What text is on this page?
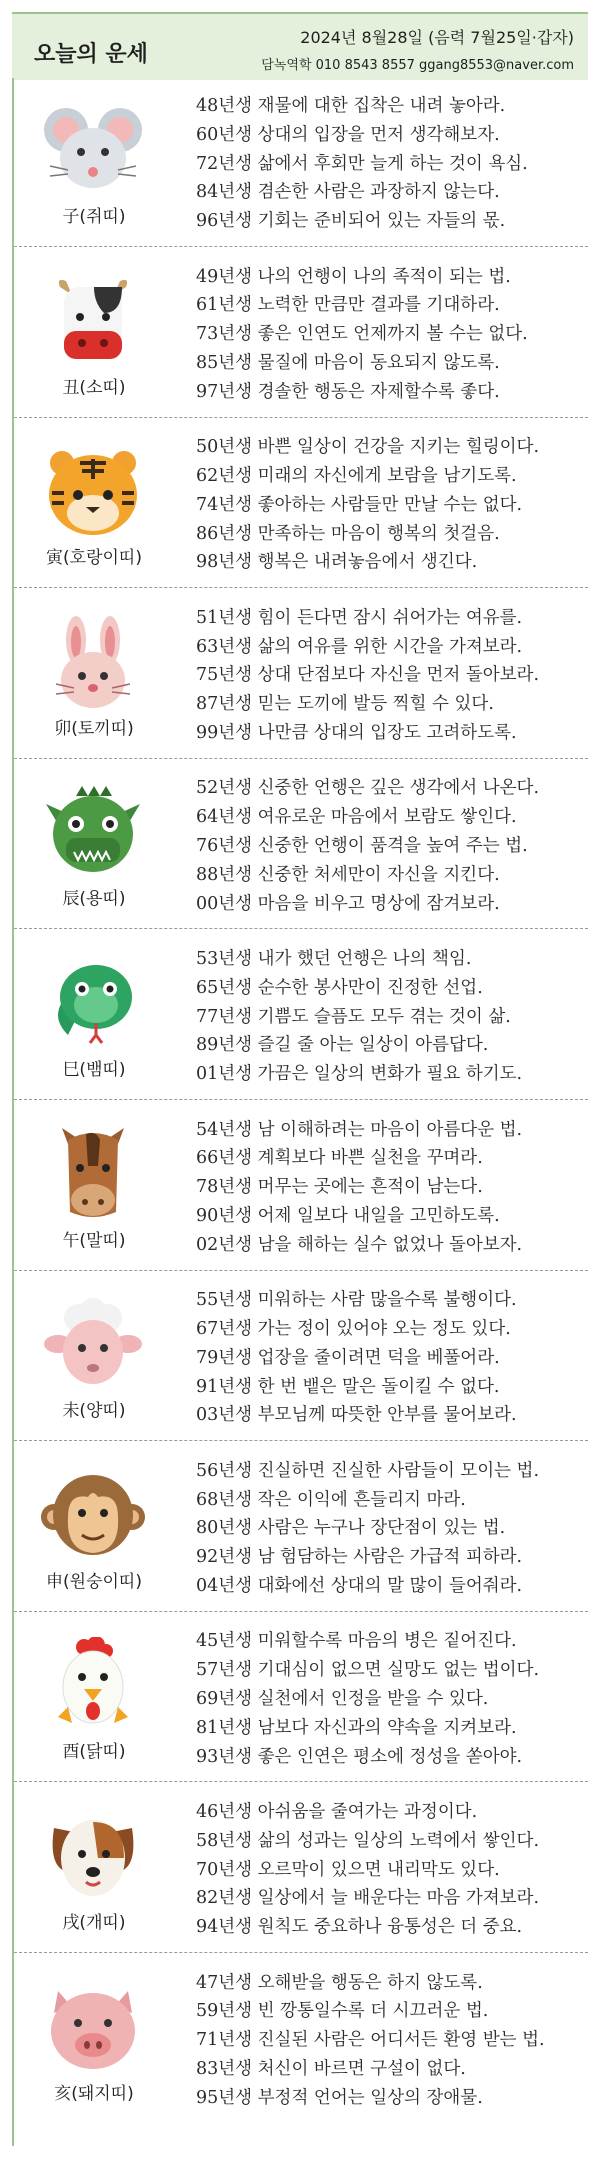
오늘의 운세
2024년 8월28일 (음력 7월25일·갑자)
담녹역학 010 8543 8557 ggang8553@naver.com
子(쥐띠)
48년생 재물에 대한 집착은 내려 놓아라.
60년생 상대의 입장을 먼저 생각해보자.
72년생 삶에서 후회만 늘게 하는 것이 욕심.
84년생 겸손한 사람은 과장하지 않는다.
96년생 기회는 준비되어 있는 자들의 몫.
丑(소띠)
49년생 나의 언행이 나의 족적이 되는 법.
61년생 노력한 만큼만 결과를 기대하라.
73년생 좋은 인연도 언제까지 볼 수는 없다.
85년생 물질에 마음이 동요되지 않도록.
97년생 경솔한 행동은 자제할수록 좋다.
寅(호랑이띠)
50년생 바쁜 일상이 건강을 지키는 힐링이다.
62년생 미래의 자신에게 보람을 남기도록.
74년생 좋아하는 사람들만 만날 수는 없다.
86년생 만족하는 마음이 행복의 첫걸음.
98년생 행복은 내려놓음에서 생긴다.
卯(토끼띠)
51년생 힘이 든다면 잠시 쉬어가는 여유를.
63년생 삶의 여유를 위한 시간을 가져보라.
75년생 상대 단점보다 자신을 먼저 돌아보라.
87년생 믿는 도끼에 발등 찍힐 수 있다.
99년생 나만큼 상대의 입장도 고려하도록.
辰(용띠)
52년생 신중한 언행은 깊은 생각에서 나온다.
64년생 여유로운 마음에서 보람도 쌓인다.
76년생 신중한 언행이 품격을 높여 주는 법.
88년생 신중한 처세만이 자신을 지킨다.
00년생 마음을 비우고 명상에 잠겨보라.
巳(뱀띠)
53년생 내가 했던 언행은 나의 책임.
65년생 순수한 봉사만이 진정한 선업.
77년생 기쁨도 슬픔도 모두 겪는 것이 삶.
89년생 즐길 줄 아는 일상이 아름답다.
01년생 가끔은 일상의 변화가 필요 하기도.
午(말띠)
54년생 남 이해하려는 마음이 아름다운 법.
66년생 계획보다 바쁜 실천을 꾸며라.
78년생 머무는 곳에는 흔적이 남는다.
90년생 어제 일보다 내일을 고민하도록.
02년생 남을 해하는 실수 없었나 돌아보자.
未(양띠)
55년생 미워하는 사람 많을수록 불행이다.
67년생 가는 정이 있어야 오는 정도 있다.
79년생 업장을 줄이려면 덕을 베풀어라.
91년생 한 번 뱉은 말은 돌이킬 수 없다.
03년생 부모님께 따뜻한 안부를 물어보라.
申(원숭이띠)
56년생 진실하면 진실한 사람들이 모이는 법.
68년생 작은 이익에 흔들리지 마라.
80년생 사람은 누구나 장단점이 있는 법.
92년생 남 험담하는 사람은 가급적 피하라.
04년생 대화에선 상대의 말 많이 들어줘라.
酉(닭띠)
45년생 미워할수록 마음의 병은 짙어진다.
57년생 기대심이 없으면 실망도 없는 법이다.
69년생 실천에서 인정을 받을 수 있다.
81년생 남보다 자신과의 약속을 지켜보라.
93년생 좋은 인연은 평소에 정성을 쏟아야.
戌(개띠)
46년생 아쉬움을 줄여가는 과정이다.
58년생 삶의 성과는 일상의 노력에서 쌓인다.
70년생 오르막이 있으면 내리막도 있다.
82년생 일상에서 늘 배운다는 마음 가져보라.
94년생 원칙도 중요하나 융통성은 더 중요.
亥(돼지띠)
47년생 오해받을 행동은 하지 않도록.
59년생 빈 깡통일수록 더 시끄러운 법.
71년생 진실된 사람은 어디서든 환영 받는 법.
83년생 처신이 바르면 구설이 없다.
95년생 부정적 언어는 일상의 장애물.
